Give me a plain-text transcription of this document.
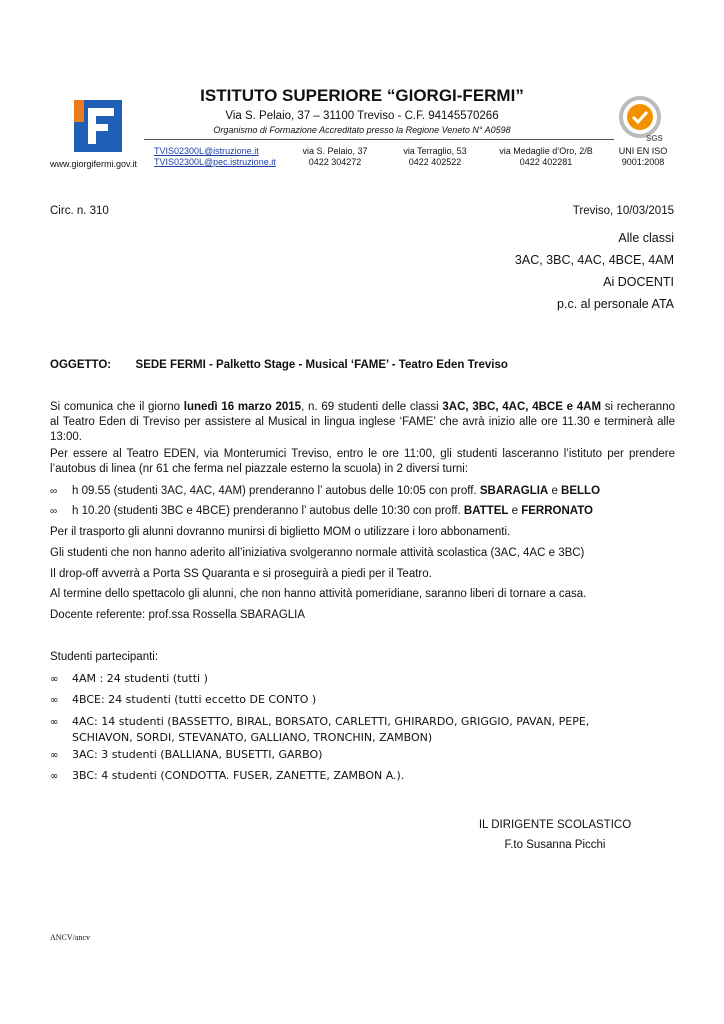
ISTITUTO SUPERIORE “GIORGI-FERMI”
Via S. Pelaio, 37 – 31100 Treviso - C.F. 94145570266
Organismo di Formazione Accreditato presso la Regione Veneto N° A0598
www.giorgifermi.gov.it
TVIS02300L@istruzione.it
TVIS02300L@pec.istruzione.it
via S. Pelaio, 37
0422 304272
via Terraglio, 53
0422 402522
via Medaglie d’Oro, 2/B
0422 402281
UNI EN ISO
9001:2008
SGS
Circ. n. 310	Treviso, 10/03/2015
Alle classi
3AC, 3BC, 4AC, 4BCE, 4AM
Ai DOCENTI
p.c. al personale ATA
OGGETTO: SEDE FERMI - Palketto Stage - Musical ‘FAME’ - Teatro Eden Treviso
Si comunica che il giorno lunedì 16 marzo 2015, n. 69 studenti delle classi 3AC, 3BC, 4AC, 4BCE e 4AM si recheranno al Teatro Eden di Treviso per assistere al Musical in lingua inglese ‘FAME’ che avrà inizio alle ore 11.30 e terminerà alle 13:00.
Per essere al Teatro EDEN, via Monterumici Treviso, entro le ore 11:00, gli studenti lasceranno l’istituto per prendere l’autobus di linea (nr 61 che ferma nel piazzale esterno la scuola) in 2 diversi turni:
∞ h 09.55 (studenti 3AC, 4AC, 4AM) prenderanno l’ autobus delle 10:05 con proff. SBARAGLIA e BELLO
∞ h 10.20 (studenti 3BC e 4BCE) prenderanno l’ autobus delle 10:30 con proff. BATTEL e FERRONATO
Per il trasporto gli alunni dovranno munirsi di biglietto MOM o utilizzare i loro abbonamenti.
Gli studenti che non hanno aderito all’iniziativa svolgeranno normale attività scolastica (3AC, 4AC e 3BC)
Il drop-off avverrà a Porta SS Quaranta e si proseguirà a piedi per il Teatro.
Al termine dello spettacolo gli alunni, che non hanno attività pomeridiane, saranno liberi di tornare a casa.
Docente referente: prof.ssa Rossella SBARAGLIA
Studenti partecipanti:
∞ 4AM : 24 studenti (tutti )
∞ 4BCE: 24 studenti (tutti eccetto DE CONTO )
∞ 4AC: 14 studenti (BASSETTO, BIRAL, BORSATO, CARLETTI, GHIRARDO, GRIGGIO, PAVAN, PEPE,
SCHIAVON, SORDI, STEVANATO, GALLIANO, TRONCHIN, ZAMBON)
∞ 3AC: 3 studenti (BALLIANA, BUSETTI, GARBO)
∞ 3BC: 4 studenti (CONDOTTA. FUSER, ZANETTE, ZAMBON A.).
IL DIRIGENTE SCOLASTICO
F.to Susanna Picchi
ANCV/ancv
